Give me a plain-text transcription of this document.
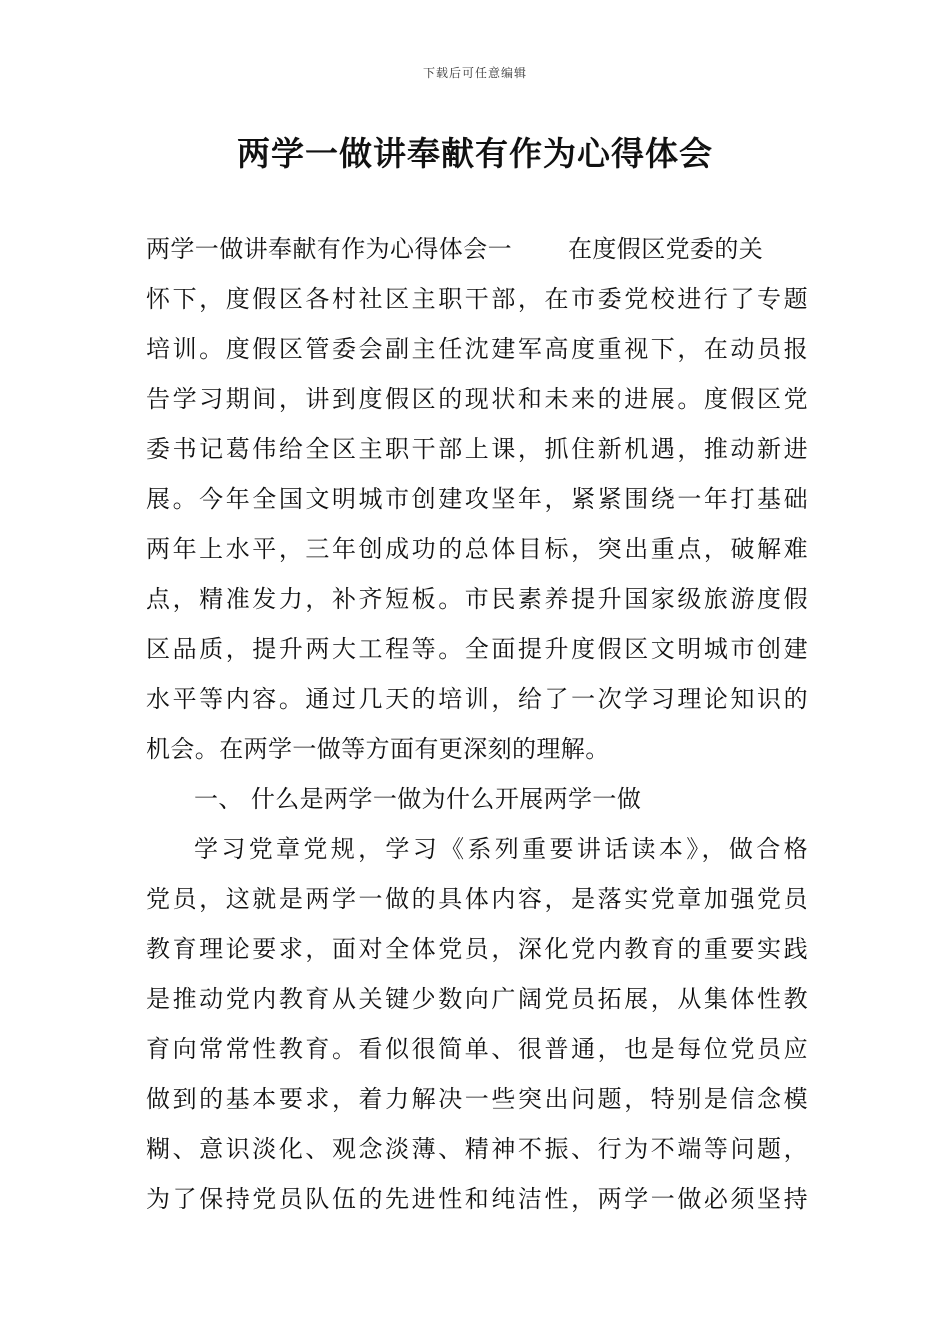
下载后可任意编辑
两学一做讲奉献有作为心得体会
两学一做讲奉献有作为心得体会一 在度假区党委的关
怀下，度假区各村社区主职干部，在市委党校进行了专题
培训。度假区管委会副主任沈建军高度重视下，在动员报
告学习期间，讲到度假区的现状和未来的进展。度假区党
委书记葛伟给全区主职干部上课，抓住新机遇，推动新进
展。今年全国文明城市创建攻坚年，紧紧围绕一年打基础
两年上水平，三年创成功的总体目标，突出重点，破解难
点，精准发力，补齐短板。市民素养提升国家级旅游度假
区品质，提升两大工程等。全面提升度假区文明城市创建
水平等内容。通过几天的培训，给了一次学习理论知识的
机会。在两学一做等方面有更深刻的理解。
一、 什么是两学一做为什么开展两学一做
学习党章党规，学习《系列重要讲话读本》，做合格
党员，这就是两学一做的具体内容，是落实党章加强党员
教育理论要求，面对全体党员，深化党内教育的重要实践
是推动党内教育从关键少数向广阔党员拓展，从集体性教
育向常常性教育。看似很简单、很普通，也是每位党员应
做到的基本要求，着力解决一些突出问题，特别是信念模
糊、意识淡化、观念淡薄、精神不振、行为不端等问题，
为了保持党员队伍的先进性和纯洁性，两学一做必须坚持
